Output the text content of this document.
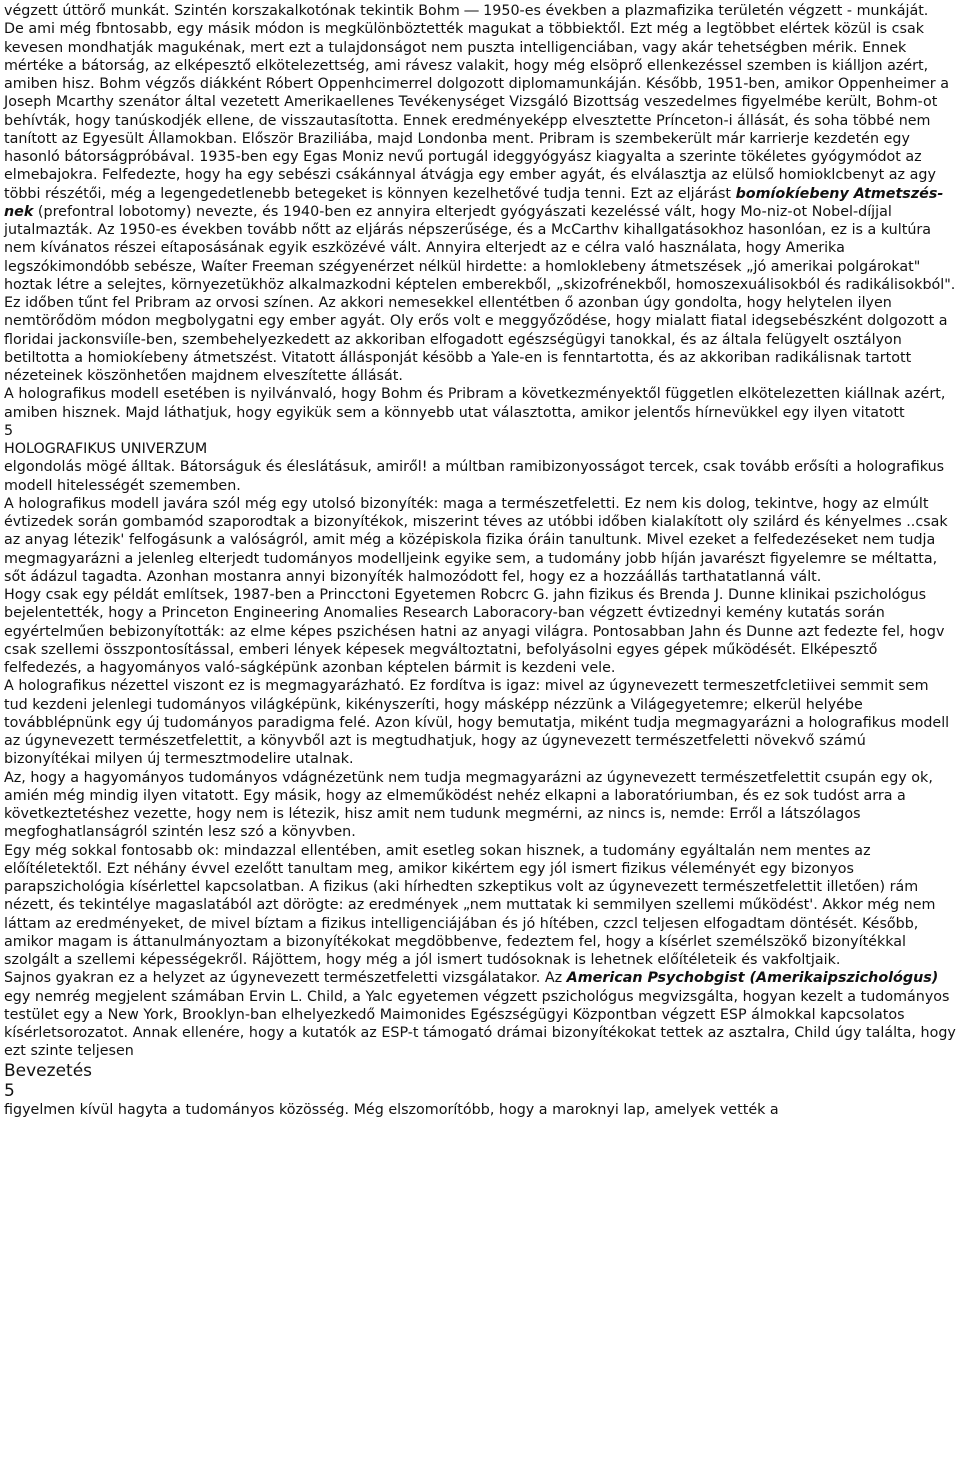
végzett úttörő munkát. Szintén korszakalkotónak tekintik Bohm ― 1950-es években a plazmafizika területén végzett - munkáját.

De ami még fbntosabb, egy másik módon is megkülönböztették magukat a többiektől. Ezt még a legtöbbet elértek közül is csak kevesen mondhatják magukénak, mert ezt a tulajdonságot nem puszta intelligenciában, vagy akár tehetségben mérik. Ennek mértéke a bátorság, az elképesztő elkötelezettség, ami rávesz valakit, hogy még elsöprő ellenkezéssel szemben is kiálljon azért, amiben hisz. Bohm végzős diákként Róbert Oppenhcimerrel dolgozott diplomamunkáján. Később, 1951-ben, amikor Oppenheimer a Joseph Mcarthy szenátor által vezetett Amerikaellenes Tevékenységet Vizsgáló Bizottság veszedelmes figyelmébe került, Bohm-ot behívták, hogy tanúskodjék ellene, de visszautasította. Ennek eredményeképp elvesztette Prínceton-i állását, és soha többé nem tanított az Egyesült Államokban. Először Braziliába, majd Londonba ment. Pribram is szembekerült már karrierje kezdetén egy hasonló bátorságpróbával. 1935-ben egy Egas Moniz nevű portugál ideggyógyász kiagyalta a szerinte tökéletes gyógymódot az elmebajokra. Felfedezte, hogy ha egy sebészi csákánnyal átvágja egy ember agyát, és elválasztja az elülső homioklcbenyt az agy többi részétői, még a legengedetlenebb betegeket is könnyen kezelhetővé tudja tenni. Ezt az eljárást bomíokíebeny Atmetszés-nek (prefontral lobotomy) nevezte, és 1940-ben ez annyira elterjedt gyógyászati kezeléssé vált, hogy Mo-niz-ot Nobel-díjjal jutalmazták. Az 1950-es években tovább nőtt az eljárás népszerűsége, és a McCarthv kihallgatásokhoz hasonlóan, ez is a kultúra nem kívánatos részei eítaposásának egyik eszközévé vált. Annyira elterjedt az e célra való használata, hogy Amerika legszókimondóbb sebésze, Waíter Freeman szégyenérzet nélkül hirdette: a homloklebeny átmetszések „jó amerikai polgárokat" hoztak létre a selejtes, környezetükhöz alkalmazkodni képtelen emberekből, „skizofrénekből, homoszexuálisokból és radikálisokból".

Ez időben tűnt fel Pribram az orvosi színen. Az akkori nemesekkel ellentétben ő azonban úgy gondolta, hogy helytelen ilyen nemtörődöm módon megbolygatni egy ember agyát. Oly erős volt e meggyőződése, hogy mialatt fiatal idegsebészként dolgozott a floridai jackonsviíle-ben, szembehelyezkedett az akkoriban elfogadott egészségügyi tanokkal, és az általa felügyelt osztályon betiltotta a homiokíebeny átmetszést. Vitatott állásponját késöbb a Yale-en is fenntartotta, és az akkoriban radikálisnak tartott nézeteinek köszönhetően majdnem elveszítette állását.

A holografikus modell esetében is nyilvánvaló, hogy Bohm és Pribram a következményektől független elkötelezetten kiállnak azért, amiben hisznek. Majd láthatjuk, hogy egyikük sem a könnyebb utat választotta, amikor jelentős hírnevükkel egy ilyen vitatott

5

HOLOGRAFIKUS UNIVERZUM

elgondolás mögé álltak. Bátorságuk és éleslátásuk, amiről! a múltban ramibizonyosságot tercek, csak tovább erősíti a holografikus modell hitelességét szememben.

A holografikus modell javára szól még egy utolsó bizonyíték: maga a természetfeletti. Ez nem kis dolog, tekintve, hogy az elmúlt évtizedek során gombamód szaporodtak a bizonyítékok, miszerint téves az utóbbi időben kialakított oly szilárd és kényelmes ..csak az anyag létezik' felfogásunk a valóságról, amit még a középiskola fizika óráin tanultunk. Mivel ezeket a felfedezéseket nem tudja megmagyarázni a jelenleg elterjedt tudományos modelljeink egyike sem, a tudomány jobb híján javarészt figyelemre se méltatta, sőt ádázul tagadta. Azonhan mostanra annyi bizonyíték halmozódott fel, hogy ez a hozzáállás tarthatatlanná vált.

Hogy csak egy példát említsek, 1987-ben a Princctoni Egyetemen Robcrc G. jahn fizikus és Brenda J. Dunne klinikai pszichológus bejelentették, hogy a Princeton Engineering Anomalies Research Laboracory-ban végzett évtizednyi kemény kutatás során egyértelműen bebizonyították: az elme képes pszichésen hatni az anyagi világra. Pontosabban Jahn és Dunne azt fedezte fel, hogv csak szellemi összpontosítással, emberi lények képesek megváltoztatni, befolyásolni egyes gépek működését. Elképesztő felfedezés, a hagyományos való-ságképünk azonban képtelen bármit is kezdeni vele.

A holografikus nézettel viszont ez is megmagyarázható. Ez fordítva is igaz: mivel az úgynevezett termeszetfcletiivei semmit sem tud kezdeni jelenlegi tudományos világképünk, kikényszeríti, hogy másképp nézzünk a Világegyetemre; elkerül helyébe továbblépnünk egy új tudományos paradigma felé. Azon kívül, hogy bemutatja, miként tudja megmagyarázni a holografikus modell az úgynevezett természetfelettit, a könyvből azt is megtudhatjuk, hogy az úgynevezett természetfeletti növekvő számú bizonyítékai milyen új termesztmodelire utalnak.

Az, hogy a hagyományos tudományos vdágnézetünk nem tudja megmagyarázni az úgynevezett természetfelettit csupán egy ok, amién még mindig ilyen vitatott. Egy másik, hogy az elmeműködést nehéz elkapni a laboratóriumban, és ez sok tudóst arra a következtetéshez vezette, hogy nem is létezik, hisz amit nem tudunk megmérni, az nincs is, nemde: Erről a látszólagos megfoghatlanságról szintén lesz szó a könyvben.

Egy még sokkal fontosabb ok: mindazzal ellentében, amit esetleg sokan hisznek, a tudomány egyáltalán nem mentes az előítéletektől. Ezt néhány évvel ezelőtt tanultam meg, amikor kikértem egy jól ismert fizikus véleményét egy bizonyos parapszichológia kísérlettel kapcsolatban. A fizikus (aki hírhedten szkeptikus volt az úgynevezett természetfelettit illetően) rám nézett, és tekintélye magaslatából azt dörögte: az eredmények „nem muttatak ki semmilyen szellemi működést'. Akkor még nem láttam az eredményeket, de mivel bíztam a fizikus intelligenciájában és jó hítében, czzcl teljesen elfogadtam döntését. Később, amikor magam is áttanulmányoztam a bizonyítékokat megdöbbenve, fedeztem fel, hogy a kísérlet személszökő bizonyítékkal szolgált a szellemi képességekről. Rájöttem, hogy még a jól ismert tudósoknak is lehetnek előítéleteik és vakfoltjaik.

Sajnos gyakran ez a helyzet az úgynevezett természetfeletti vizsgálatakor. Az American Psychobgist (Amerikaipszichológus) egy nemrég megjelent számában Ervin L. Child, a Yalc egyetemen végzett pszichológus megvizsgálta, hogyan kezelt a tudományos testület egy a New York, Brooklyn-ban elhelyezkedő Maimonides Egészségügyi Központban végzett ESP álmokkal kapcsolatos kísérletsorozatot. Annak ellenére, hogy a kutatók az ESP-t támogató drámai bizonyítékokat tettek az asztalra, Child úgy találta, hogy ezt szinte teljesen

Bevezetés

5

figyelmen kívül hagyta a tudományos közösség. Még elszomorítóbb, hogy a maroknyi lap, amelyek vették a
